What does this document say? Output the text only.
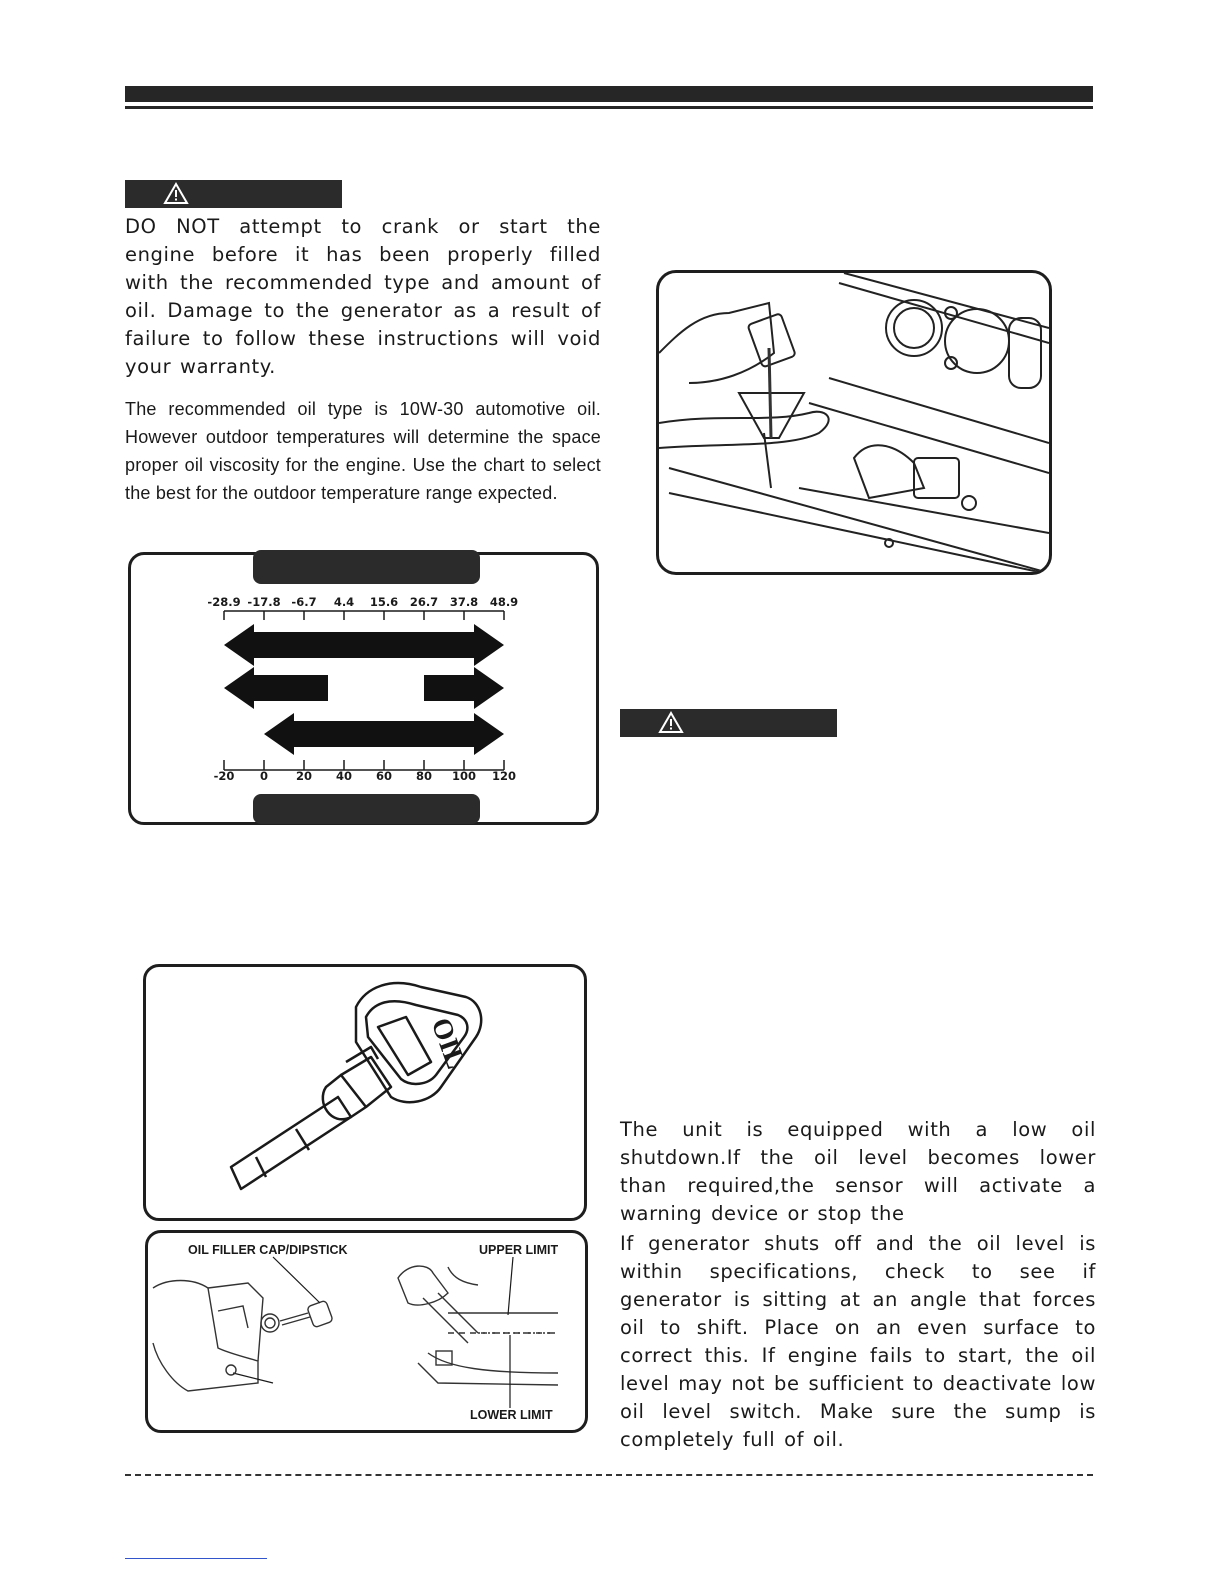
DO NOT attempt to crank or start the engine before it has been properly filled with the recommended type and amount of oil. Damage to the generator as a result of failure to follow these instructions will void your warranty.
The recommended oil type is 10W-30 automotive oil. However outdoor temperatures will determine the space proper oil viscosity for the engine. Use the chart to select the best for the outdoor temperature range expected.
-28.9 -17.8 -6.7 4.4 15.6 26.7 37.8 48.9
-20 0 20 40 60 80 100 120
OIL
OIL FILLER CAP/DIPSTICK	UPPER LIMIT
LOWER LIMIT
The unit is equipped with a low oil shutdown.If the oil level becomes lower than required,the sensor will activate a warning device or stop the
If generator shuts off and the oil level is within specifications, check to see if generator is sitting at an angle that forces oil to shift. Place on an even surface to correct this. If engine fails to start, the oil level may not be sufficient to deactivate low oil level switch. Make sure the sump is completely full of oil.
